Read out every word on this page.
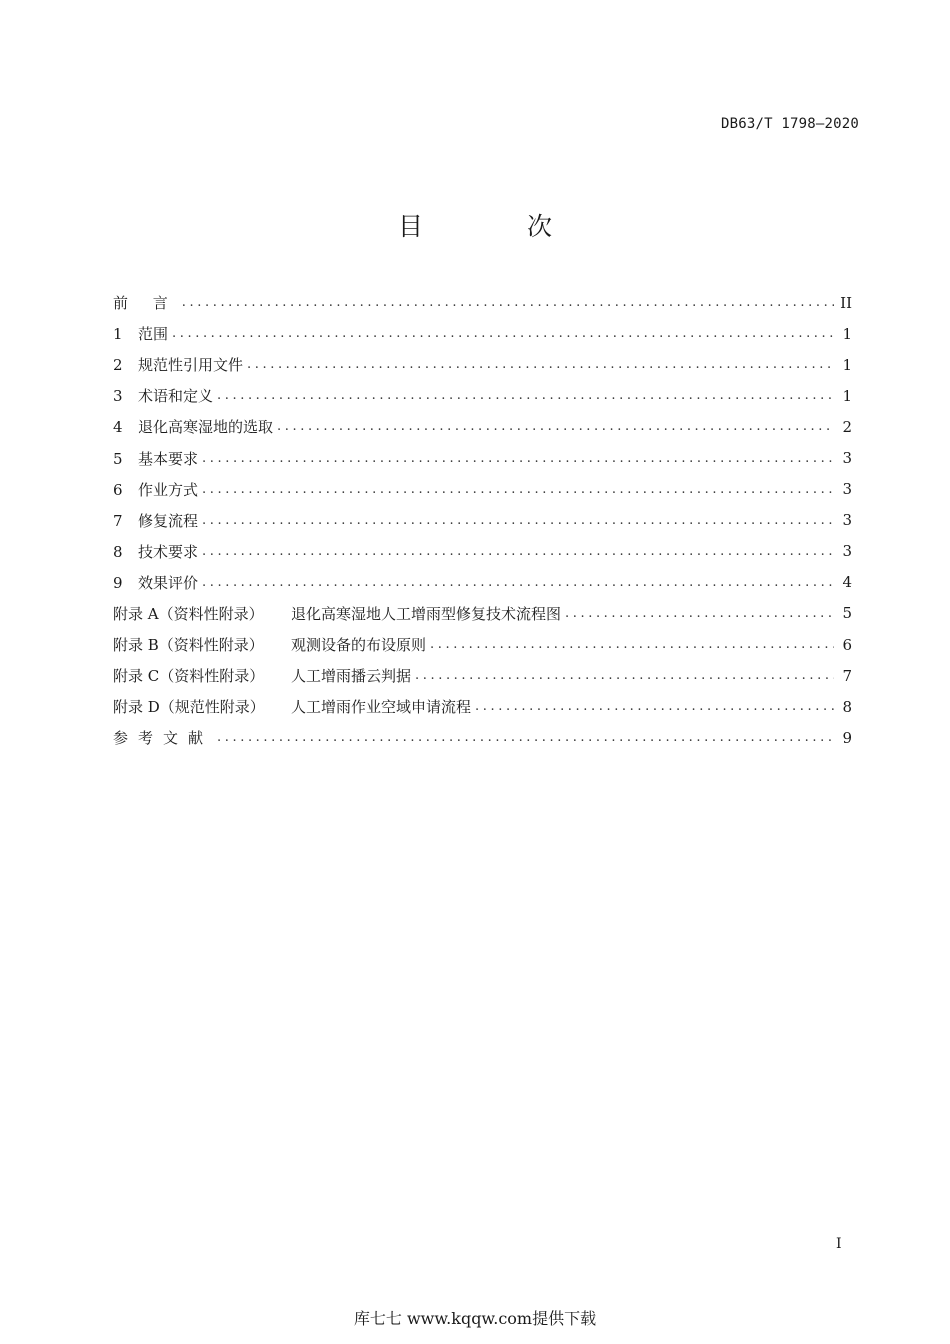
DB63/T 1798—2020
目 次
前 言 .....	II
1 范围 .....	1
2 规范性引用文件 .....	1
3 术语和定义 .....	1
4 退化高寒湿地的选取 .....	2
5 基本要求 .....	3
6 作业方式 .....	3
7 修复流程 .....	3
8 技术要求 .....	3
9 效果评价 .....	4
附录 A（资料性附录） 退化高寒湿地人工增雨型修复技术流程图 .....	5
附录 B（资料性附录） 观测设备的布设原则 .....	6
附录 C（资料性附录） 人工增雨播云判据 .....	7
附录 D（规范性附录） 人工增雨作业空域申请流程 .....	8
参考文献 .....	9
I
库七七 www.kqqw.com提供下载
